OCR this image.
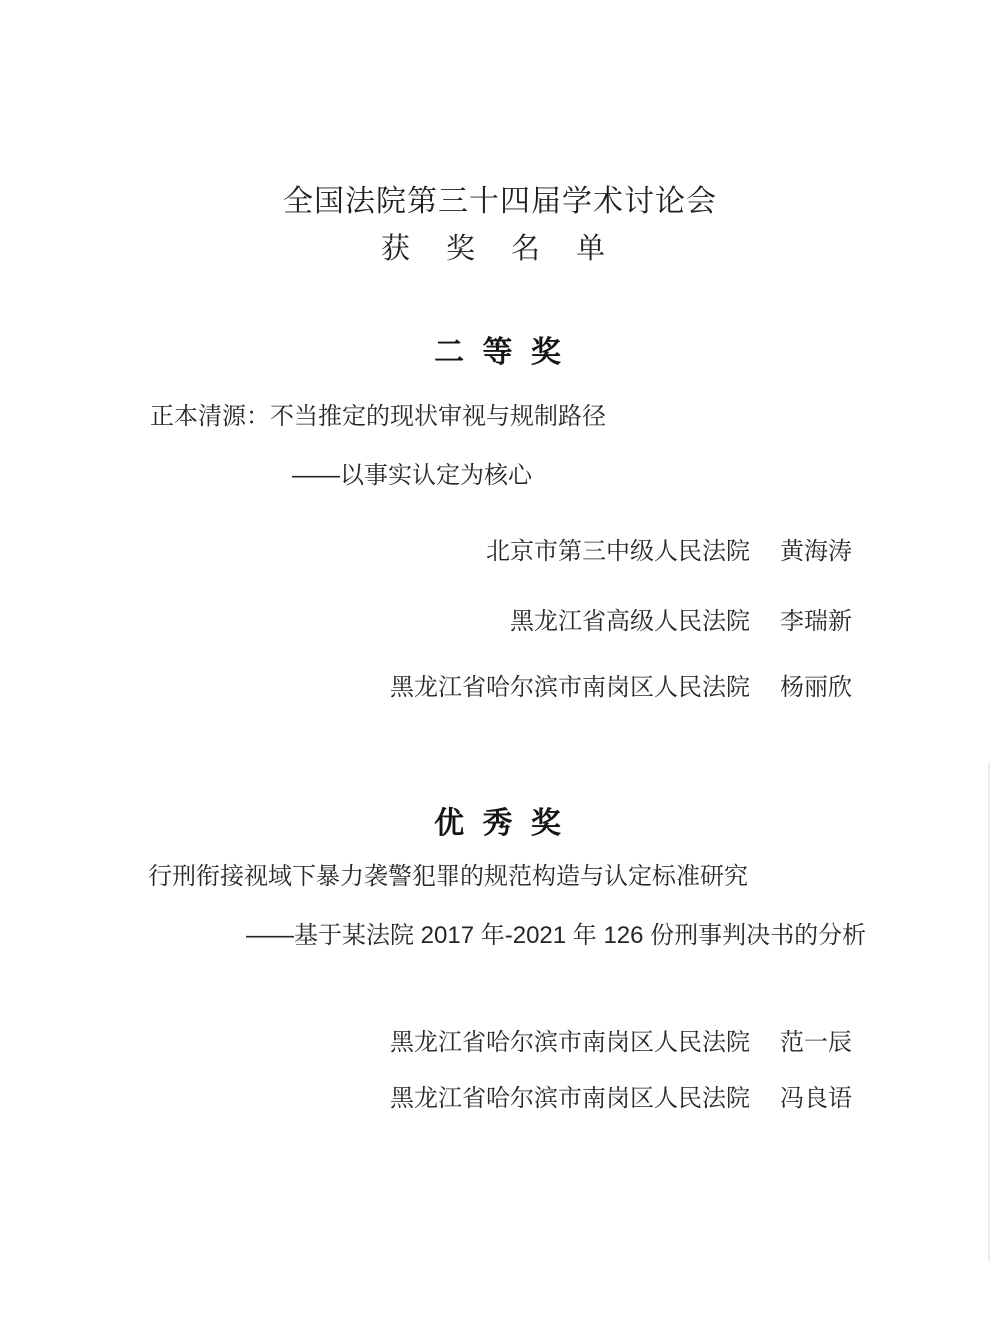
全国法院第三十四届学术讨论会
获 奖 名 单
二 等 奖
正本清源：不当推定的现状审视与规制路径
——以事实认定为核心
北京市第三中级人民法院 黄海涛
黑龙江省高级人民法院 李瑞新
黑龙江省哈尔滨市南岗区人民法院 杨丽欣
优 秀 奖
行刑衔接视域下暴力袭警犯罪的规范构造与认定标准研究
——基于某法院 2017 年-2021 年 126 份刑事判决书的分析
黑龙江省哈尔滨市南岗区人民法院 范一辰
黑龙江省哈尔滨市南岗区人民法院 冯良语
